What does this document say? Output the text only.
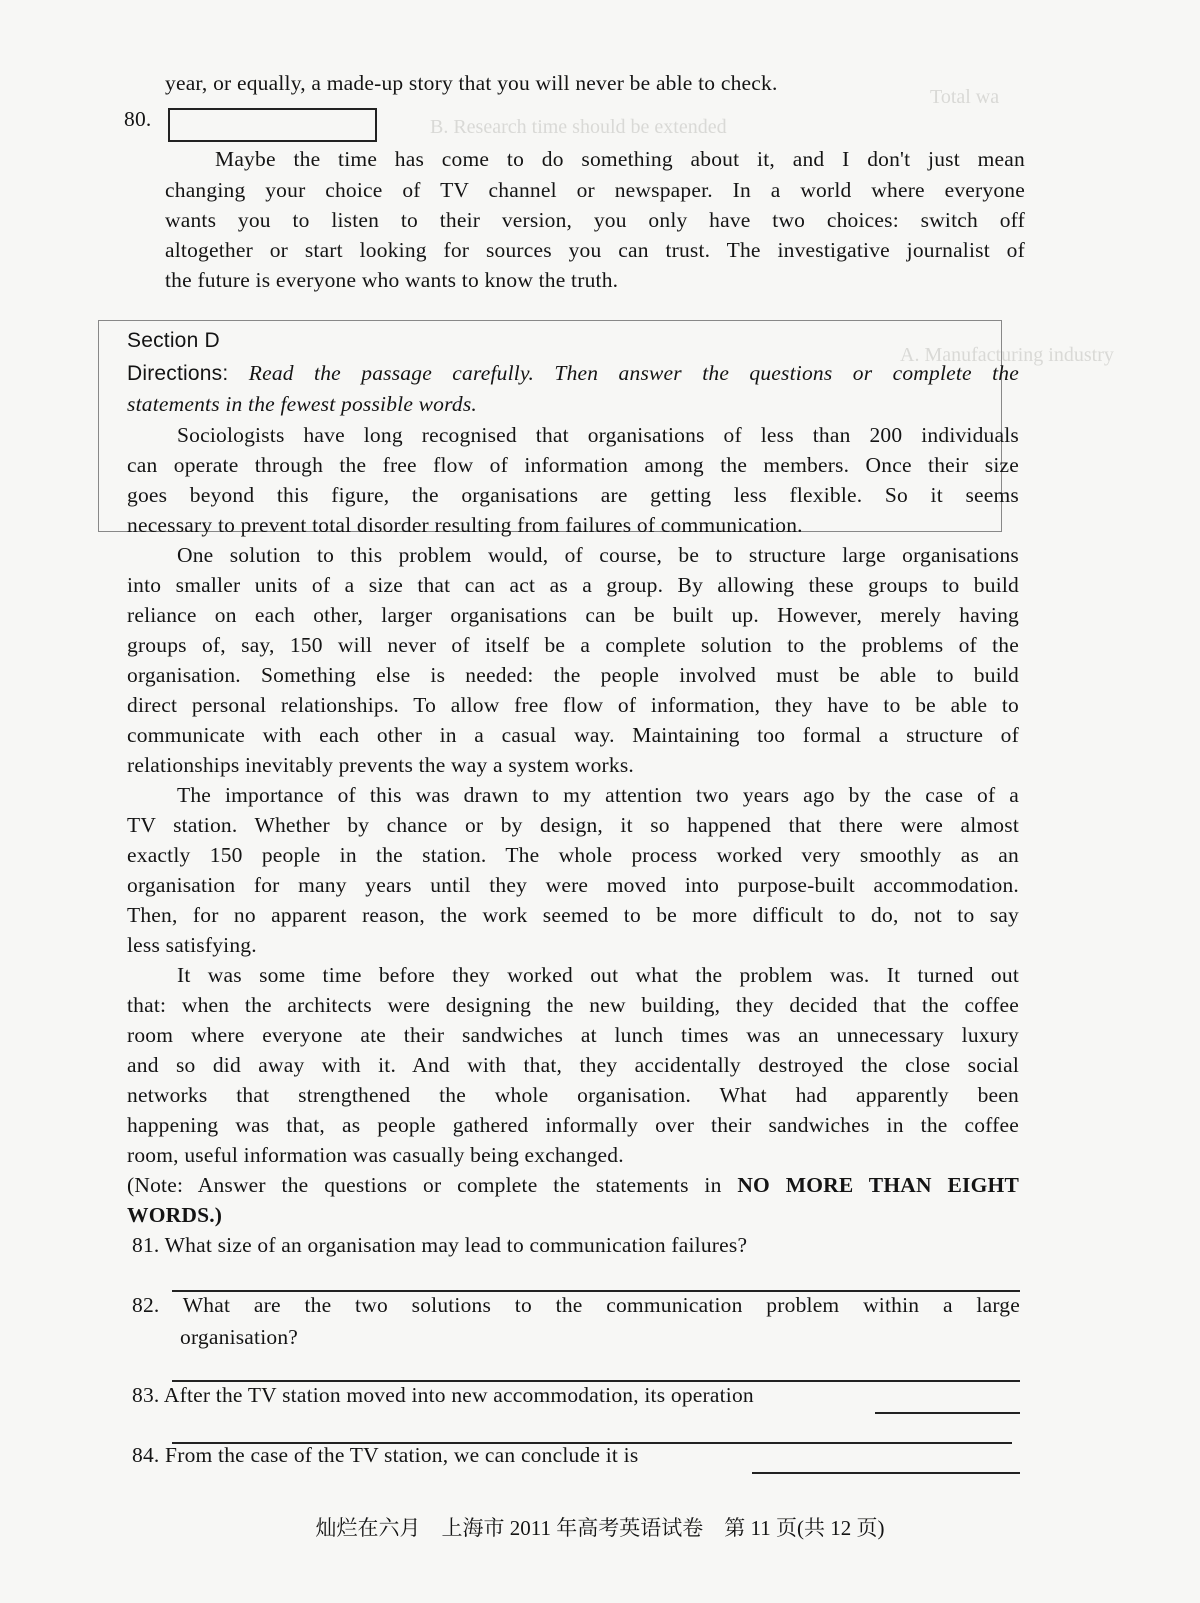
B. Research time should be extended
Total wa
A. Manufacturing industry
year, or equally, a made-up story that you will never be able to check.
80.
Maybe the time has come to do something about it, and I don't just mean
changing your choice of TV channel or newspaper. In a world where everyone
wants you to listen to their version, you only have two choices: switch off
altogether or start looking for sources you can trust. The investigative journalist of
the future is everyone who wants to know the truth.
Section D
Directions: Read the passage carefully. Then answer the questions or complete the
statements in the fewest possible words.
Sociologists have long recognised that organisations of less than 200 individuals
can operate through the free flow of information among the members. Once their size
goes beyond this figure, the organisations are getting less flexible. So it seems
necessary to prevent total disorder resulting from failures of communication.
One solution to this problem would, of course, be to structure large organisations
into smaller units of a size that can act as a group. By allowing these groups to build
reliance on each other, larger organisations can be built up. However, merely having
groups of, say, 150 will never of itself be a complete solution to the problems of the
organisation. Something else is needed: the people involved must be able to build
direct personal relationships. To allow free flow of information, they have to be able to
communicate with each other in a casual way. Maintaining too formal a structure of
relationships inevitably prevents the way a system works.
The importance of this was drawn to my attention two years ago by the case of a
TV station. Whether by chance or by design, it so happened that there were almost
exactly 150 people in the station. The whole process worked very smoothly as an
organisation for many years until they were moved into purpose-built accommodation.
Then, for no apparent reason, the work seemed to be more difficult to do, not to say
less satisfying.
It was some time before they worked out what the problem was. It turned out
that: when the architects were designing the new building, they decided that the coffee
room where everyone ate their sandwiches at lunch times was an unnecessary luxury
and so did away with it. And with that, they accidentally destroyed the close social
networks that strengthened the whole organisation. What had apparently been
happening was that, as people gathered informally over their sandwiches in the coffee
room, useful information was casually being exchanged.
(Note: Answer the questions or complete the statements in NO MORE THAN EIGHT
WORDS.)
81. What size of an organisation may lead to communication failures?
82. What are the two solutions to the communication problem within a large
organisation?
83. After the TV station moved into new accommodation, its operation
84. From the case of the TV station, we can conclude it is
灿烂在六月　上海市 2011 年高考英语试卷　第 11 页(共 12 页)
